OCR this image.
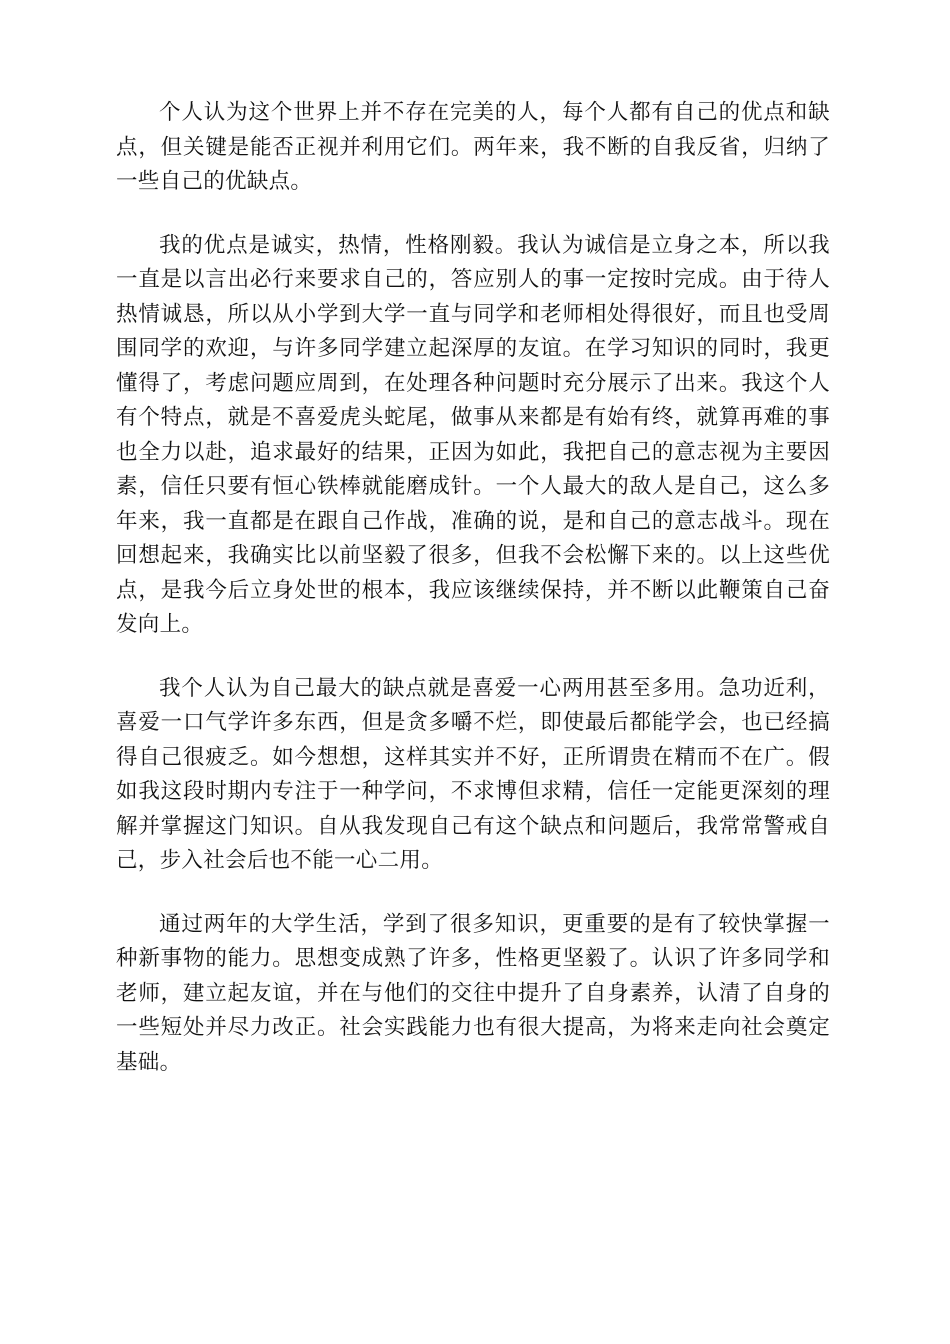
个人认为这个世界上并不存在完美的人，每个人都有自己的优点和缺点，但关键是能否正视并利用它们。两年来，我不断的自我反省，归纳了一些自己的优缺点。

我的优点是诚实，热情，性格刚毅。我认为诚信是立身之本，所以我一直是以言出必行来要求自己的，答应别人的事一定按时完成。由于待人热情诚恳，所以从小学到大学一直与同学和老师相处得很好，而且也受周围同学的欢迎，与许多同学建立起深厚的友谊。在学习知识的同时，我更懂得了，考虑问题应周到，在处理各种问题时充分展示了出来。我这个人有个特点，就是不喜爱虎头蛇尾，做事从来都是有始有终，就算再难的事也全力以赴，追求最好的结果，正因为如此，我把自己的意志视为主要因素，信任只要有恒心铁棒就能磨成针。一个人最大的敌人是自己，这么多年来，我一直都是在跟自己作战，准确的说，是和自己的意志战斗。现在回想起来，我确实比以前坚毅了很多，但我不会松懈下来的。以上这些优点，是我今后立身处世的根本，我应该继续保持，并不断以此鞭策自己奋发向上。

我个人认为自己最大的缺点就是喜爱一心两用甚至多用。急功近利，喜爱一口气学许多东西，但是贪多嚼不烂，即使最后都能学会，也已经搞得自己很疲乏。如今想想，这样其实并不好，正所谓贵在精而不在广。假如我这段时期内专注于一种学问，不求博但求精，信任一定能更深刻的理解并掌握这门知识。自从我发现自己有这个缺点和问题后，我常常警戒自己，步入社会后也不能一心二用。

通过两年的大学生活，学到了很多知识，更重要的是有了较快掌握一种新事物的能力。思想变成熟了许多，性格更坚毅了。认识了许多同学和老师，建立起友谊，并在与他们的交往中提升了自身素养，认清了自身的一些短处并尽力改正。社会实践能力也有很大提高，为将来走向社会奠定基础。
